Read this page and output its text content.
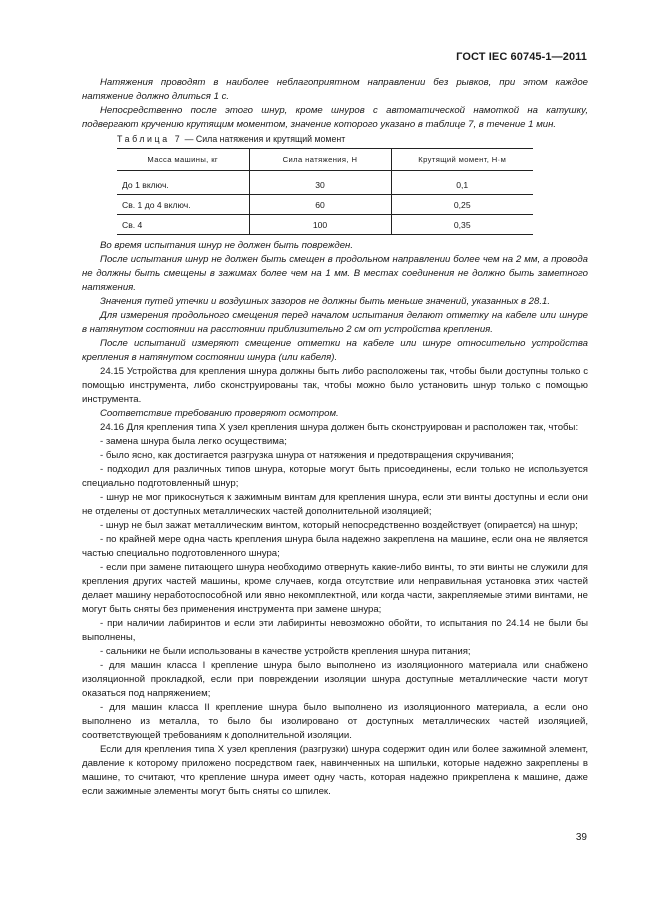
ГОСТ IEC 60745-1—2011

Натяжения проводят в наиболее неблагоприятном направлении без рывков, при этом каждое натяжение должно длиться 1 с.

Непосредственно после этого шнур, кроме шнуров с автоматической намоткой на катушку, подвергают кручению крутящим моментом, значение которого указано в таблице 7, в течение 1 мин.

Таблица 7 — Сила натяжения и крутящий момент

Масса машины, кг	Сила натяжения, Н	Крутящий момент, Н·м
До 1 включ.	30	0,1
Св. 1 до 4 включ.	60	0,25
Св. 4	100	0,35

Во время испытания шнур не должен быть поврежден.

После испытания шнур не должен быть смещен в продольном направлении более чем на 2 мм, а провода не должны быть смещены в зажимах более чем на 1 мм. В местах соединения не должно быть заметного натяжения.

Значения путей утечки и воздушных зазоров не должны быть меньше значений, указанных в 28.1.

Для измерения продольного смещения перед началом испытания делают отметку на кабеле или шнуре в натянутом состоянии на расстоянии приблизительно 2 см от устройства крепления.

После испытаний измеряют смещение отметки на кабеле или шнуре относительно устройства крепления в натянутом состоянии шнура (или кабеля).

24.15 Устройства для крепления шнура должны быть либо расположены так, чтобы были доступны только с помощью инструмента, либо сконструированы так, чтобы можно было установить шнур только с помощью инструмента.

Соответствие требованию проверяют осмотром.

24.16 Для крепления типа X узел крепления шнура должен быть сконструирован и расположен так, чтобы:

- замена шнура была легко осуществима;

- было ясно, как достигается разгрузка шнура от натяжения и предотвращения скручивания;

- подходил для различных типов шнура, которые могут быть присоединены, если только не используется специально подготовленный шнур;

- шнур не мог прикоснуться к зажимным винтам для крепления шнура, если эти винты доступны и если они не отделены от доступных металлических частей дополнительной изоляцией;

- шнур не был зажат металлическим винтом, который непосредственно воздействует (опирается) на шнур;

- по крайней мере одна часть крепления шнура была надежно закреплена на машине, если она не является частью специально подготовленного шнура;

- если при замене питающего шнура необходимо отвернуть какие-либо винты, то эти винты не служили для крепления других частей машины, кроме случаев, когда отсутствие или неправильная установка этих частей делает машину неработоспособной или явно некомплектной, или когда части, закрепляемые этими винтами, не могут быть сняты без применения инструмента при замене шнура;

- при наличии лабиринтов и если эти лабиринты невозможно обойти, то испытания по 24.14 не были бы выполнены,

- сальники не были использованы в качестве устройств крепления шнура питания;

- для машин класса I крепление шнура было выполнено из изоляционного материала или снабжено изоляционной прокладкой, если при повреждении изоляции шнура доступные металлические части могут оказаться под напряжением;

- для машин класса II крепление шнура было выполнено из изоляционного материала, а если оно выполнено из металла, то было бы изолировано от доступных металлических частей изоляцией, соответствующей требованиям к дополнительной изоляции.

Если для крепления типа X узел крепления (разгрузки) шнура содержит один или более зажимной элемент, давление к которому приложено посредством гаек, навинченных на шпильки, которые надежно закреплены в машине, то считают, что крепление шнура имеет одну часть, которая надежно прикреплена к машине, даже если зажимные элементы могут быть сняты со шпилек.

39
